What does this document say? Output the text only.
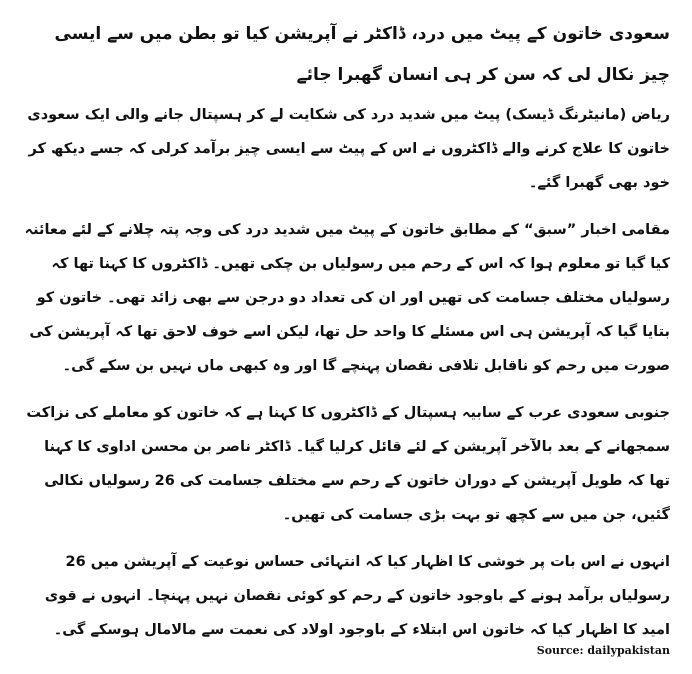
سعودی خاتون کے پیٹ میں درد، ڈاکٹر نے آپریشن کیا تو بطن میں سے ایسی چیز نکال لی کہ سن کر ہی انسان گھبرا جائے
ریاض (مانیٹرنگ ڈیسک) پیٹ میں شدید درد کی شکایت لے کر ہسپتال جانے والی ایک سعودی خاتون کا علاج کرنے والے ڈاکٹروں نے اس کے پیٹ سے ایسی چیز برآمد کرلی کہ جسے دیکھ کر خود بھی گھبرا گئے۔
مقامی اخبار ”سبق“ کے مطابق خاتون کے پیٹ میں شدید درد کی وجہ پتہ چلانے کے لئے معائنہ کیا گیا تو معلوم ہوا کہ اس کے رحم میں رسولیاں بن چکی تھیں۔ ڈاکٹروں کا کہنا تھا کہ رسولیاں مختلف جسامت کی تھیں اور ان کی تعداد دو درجن سے بھی زائد تھی۔ خاتون کو بتایا گیا کہ آپریشن ہی اس مسئلے کا واحد حل تھا، لیکن اسے خوف لاحق تھا کہ آپریشن کی صورت میں رحم کو ناقابل تلافی نقصان پہنچے گا اور وہ کبھی ماں نہیں بن سکے گی۔
جنوبی سعودی عرب کے سابیہ ہسپتال کے ڈاکٹروں کا کہنا ہے کہ خاتون کو معاملے کی نزاکت سمجھانے کے بعد بالآخر آپریشن کے لئے قائل کرلیا گیا۔ ڈاکٹر ناصر بن محسن اداوی کا کہنا تھا کہ طویل آپریشن کے دوران خاتون کے رحم سے مختلف جسامت کی 26 رسولیاں نکالی گئیں، جن میں سے کچھ تو بہت بڑی جسامت کی تھیں۔
انہوں نے اس بات پر خوشی کا اظہار کیا کہ انتہائی حساس نوعیت کے آپریشن میں 26 رسولیاں برآمد ہونے کے باوجود خاتون کے رحم کو کوئی نقصان نہیں پہنچا۔ انہوں نے قوی امید کا اظہار کیا کہ خاتون اس ابتلاء کے باوجود اولاد کی نعمت سے مالامال ہوسکے گی۔
Source: dailypakistan
